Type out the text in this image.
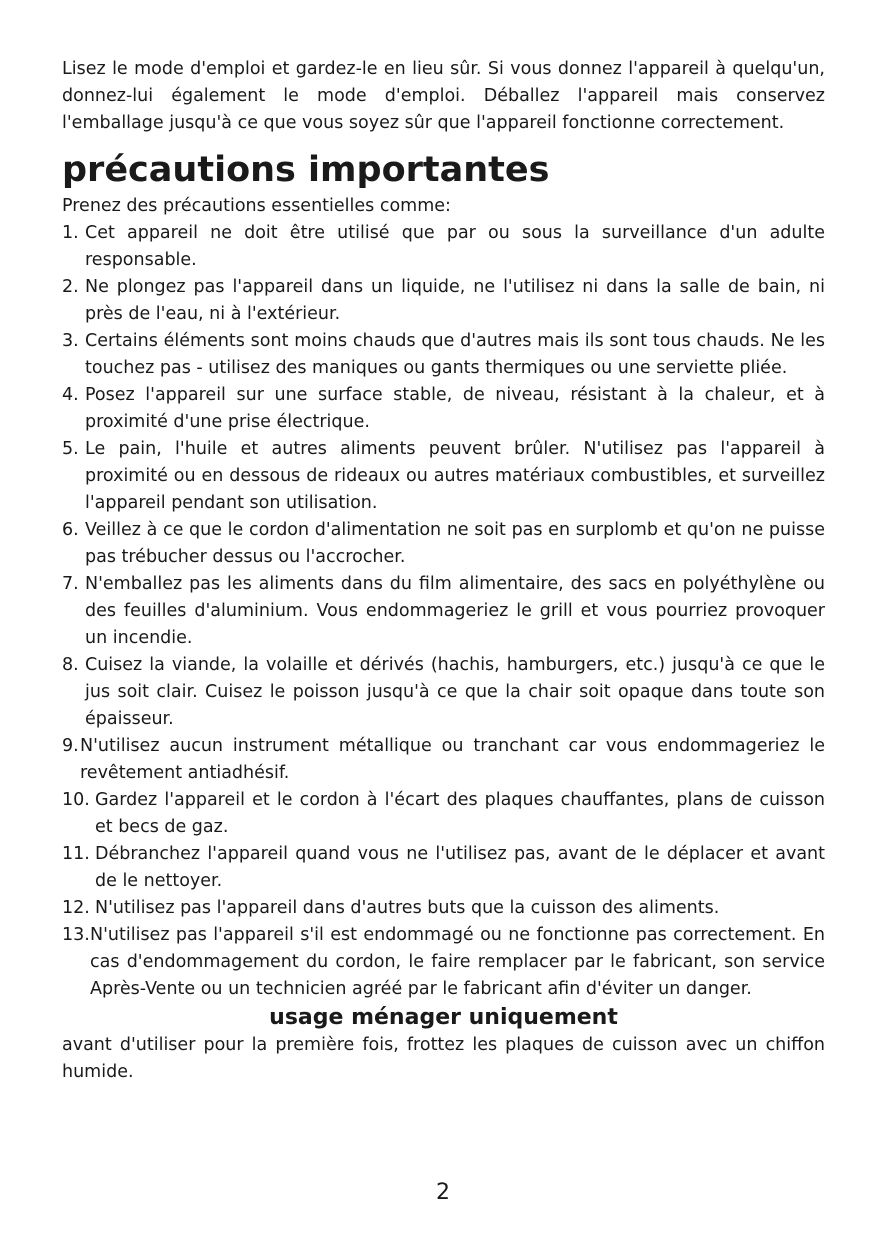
Lisez le mode d'emploi et gardez-le en lieu sûr. Si vous donnez l'appareil à quelqu'un, donnez-lui également le mode d'emploi. Déballez l'appareil mais conservez l'emballage jusqu'à ce que vous soyez sûr que l'appareil fonctionne correctement.

précautions importantes

Prenez des précautions essentielles comme:

1. Cet appareil ne doit être utilisé que par ou sous la surveillance d'un adulte responsable.
2. Ne plongez pas l'appareil dans un liquide, ne l'utilisez ni dans la salle de bain, ni près de l'eau, ni à l'extérieur.
3. Certains éléments sont moins chauds que d'autres mais ils sont tous chauds. Ne les touchez pas - utilisez des maniques ou gants thermiques ou une serviette pliée.
4. Posez l'appareil sur une surface stable, de niveau, résistant à la chaleur, et à proximité d'une prise électrique.
5. Le pain, l'huile et autres aliments peuvent brûler. N'utilisez pas l'appareil à proximité ou en dessous de rideaux ou autres matériaux combustibles, et surveillez l'appareil pendant son utilisation.
6. Veillez à ce que le cordon d'alimentation ne soit pas en surplomb et qu'on ne puisse pas trébucher dessus ou l'accrocher.
7. N'emballez pas les aliments dans du film alimentaire, des sacs en polyéthylène ou des feuilles d'aluminium. Vous endommageriez le grill et vous pourriez provoquer un incendie.
8. Cuisez la viande, la volaille et dérivés (hachis, hamburgers, etc.) jusqu'à ce que le jus soit clair. Cuisez le poisson jusqu'à ce que la chair soit opaque dans toute son épaisseur.
9. N'utilisez aucun instrument métallique ou tranchant car vous endommageriez le revêtement antiadhésif.
10. Gardez l'appareil et le cordon à l'écart des plaques chauffantes, plans de cuisson et becs de gaz.
11. Débranchez l'appareil quand vous ne l'utilisez pas, avant de le déplacer et avant de le nettoyer.
12. N'utilisez pas l'appareil dans d'autres buts que la cuisson des aliments.
13. N'utilisez pas l'appareil s'il est endommagé ou ne fonctionne pas correctement. En cas d'endommagement du cordon, le faire remplacer par le fabricant, son service Après-Vente ou un technicien agréé par le fabricant afin d'éviter un danger.
usage ménager uniquement

avant d'utiliser pour la première fois, frottez les plaques de cuisson avec un chiffon humide.

2
